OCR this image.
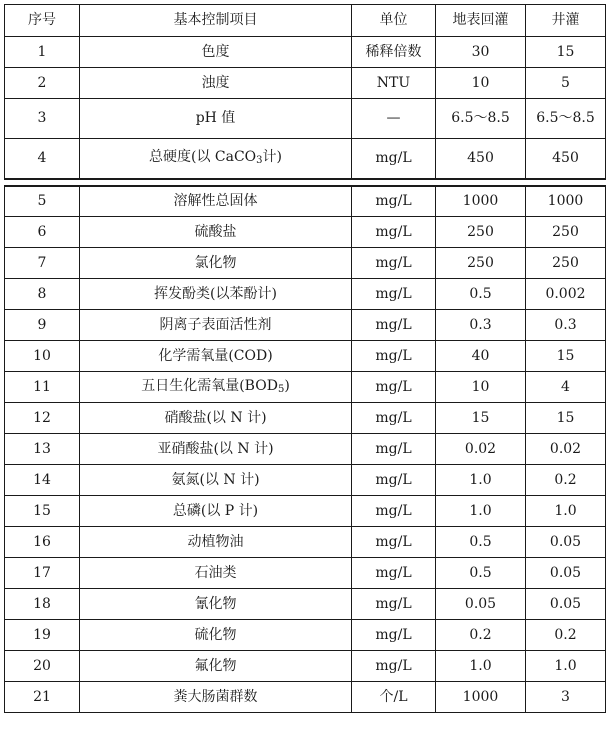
序号	基本控制项目	单位	地表回灌	井灌
1	色度	稀释倍数	30	15
2	浊度	NTU	10	5
3	pH 值	—	6.5～8.5	6.5～8.5
4	总硬度(以 CaCO$_3$计)	mg/L	450	450

5	溶解性总固体	mg/L	1000	1000
6	硫酸盐	mg/L	250	250
7	氯化物	mg/L	250	250
8	挥发酚类(以苯酚计)	mg/L	0.5	0.002
9	阴离子表面活性剂	mg/L	0.3	0.3
10	化学需氧量(COD)	mg/L	40	15
11	五日生化需氧量$(BOD_5)$	mg/L	10	4
12	硝酸盐(以 N 计)	mg/L	15	15
13	亚硝酸盐(以 N 计)	mg/L	0.02	0.02
14	氨氮(以 N 计)	mg/L	1.0	0.2
15	总磷(以 P 计)	mg/L	1.0	1.0
16	动植物油	mg/L	0.5	0.05
17	石油类	mg/L	0.5	0.05
18	氰化物	mg/L	0.05	0.05
19	硫化物	mg/L	0.2	0.2
20	氟化物	mg/L	1.0	1.0
21	粪大肠菌群数	个/L	1000	3
